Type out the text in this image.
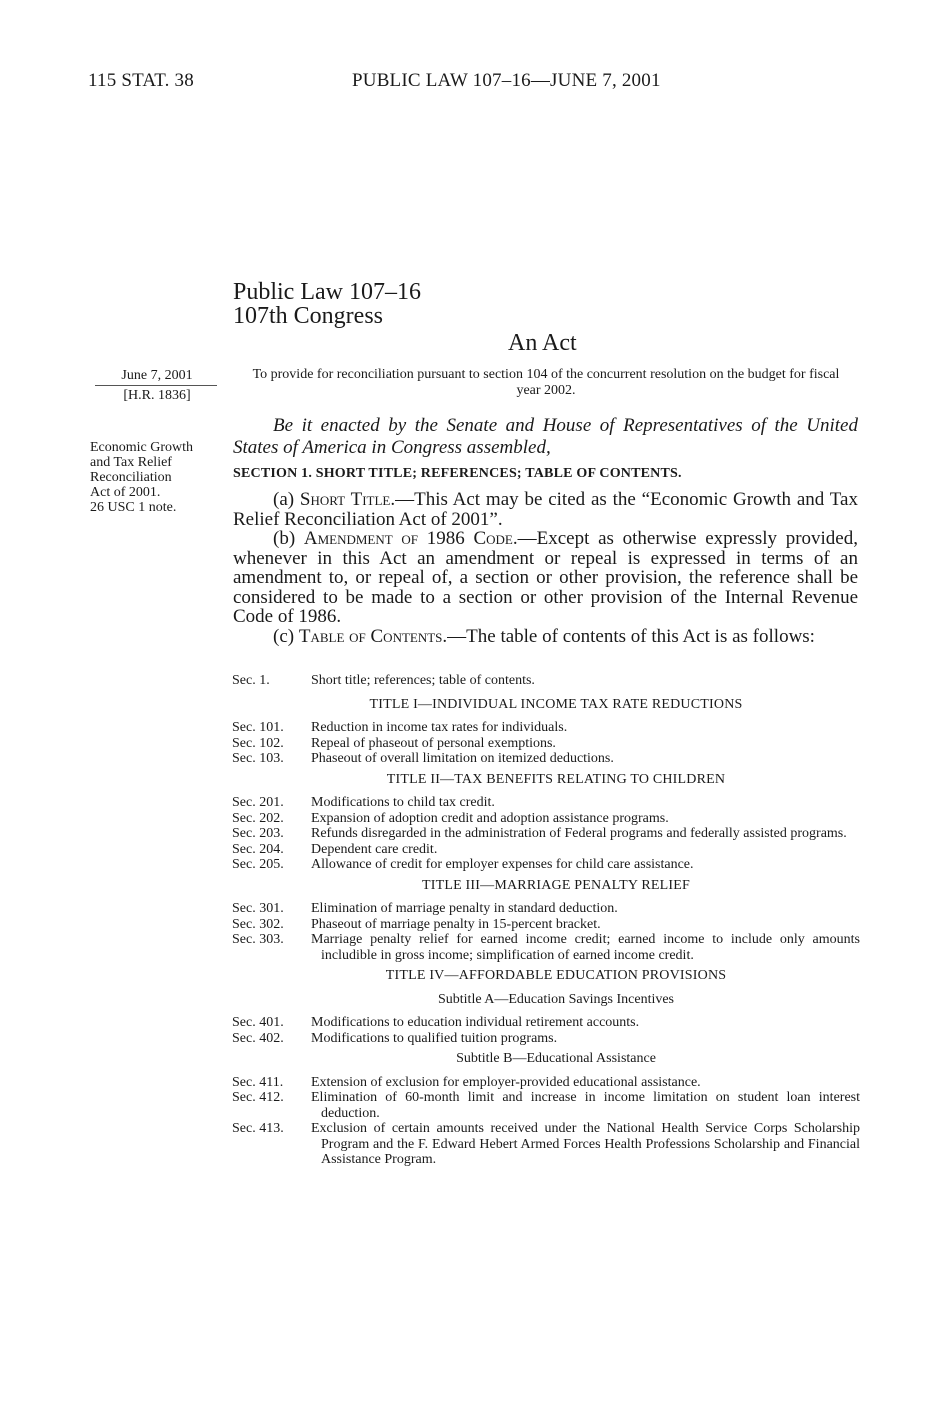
115 STAT. 38	PUBLIC LAW 107–16—JUNE 7, 2001
Public Law 107–16
107th Congress
An Act
June 7, 2001
[H.R. 1836]
Economic Growth
and Tax Relief
Reconciliation
Act of 2001.
26 USC 1 note.
To provide for reconciliation pursuant to section 104 of the concurrent resolution on the budget for fiscal year 2002.
Be it enacted by the Senate and House of Representatives of the United States of America in Congress assembled,
SECTION 1. SHORT TITLE; REFERENCES; TABLE OF CONTENTS.
(a) Short Title.—This Act may be cited as the “Economic Growth and Tax Relief Reconciliation Act of 2001”.
(b) Amendment of 1986 Code.—Except as otherwise expressly provided, whenever in this Act an amendment or repeal is expressed in terms of an amendment to, or repeal of, a section or other provision, the reference shall be considered to be made to a section or other provision of the Internal Revenue Code of 1986.
(c) Table of Contents.—The table of contents of this Act is as follows:
Sec. 1.	Short title; references; table of contents.
TITLE I—INDIVIDUAL INCOME TAX RATE REDUCTIONS
Sec. 101.	Reduction in income tax rates for individuals.
Sec. 102.	Repeal of phaseout of personal exemptions.
Sec. 103.	Phaseout of overall limitation on itemized deductions.
TITLE II—TAX BENEFITS RELATING TO CHILDREN
Sec. 201.	Modifications to child tax credit.
Sec. 202.	Expansion of adoption credit and adoption assistance programs.
Sec. 203.	Refunds disregarded in the administration of Federal programs and federally assisted programs.
Sec. 204.	Dependent care credit.
Sec. 205.	Allowance of credit for employer expenses for child care assistance.
TITLE III—MARRIAGE PENALTY RELIEF
Sec. 301.	Elimination of marriage penalty in standard deduction.
Sec. 302.	Phaseout of marriage penalty in 15-percent bracket.
Sec. 303.	Marriage penalty relief for earned income credit; earned income to include only amounts includible in gross income; simplification of earned income credit.
TITLE IV—AFFORDABLE EDUCATION PROVISIONS
Subtitle A—Education Savings Incentives
Sec. 401.	Modifications to education individual retirement accounts.
Sec. 402.	Modifications to qualified tuition programs.
Subtitle B—Educational Assistance
Sec. 411.	Extension of exclusion for employer-provided educational assistance.
Sec. 412.	Elimination of 60-month limit and increase in income limitation on student loan interest deduction.
Sec. 413.	Exclusion of certain amounts received under the National Health Service Corps Scholarship Program and the F. Edward Hebert Armed Forces Health Professions Scholarship and Financial Assistance Program.
